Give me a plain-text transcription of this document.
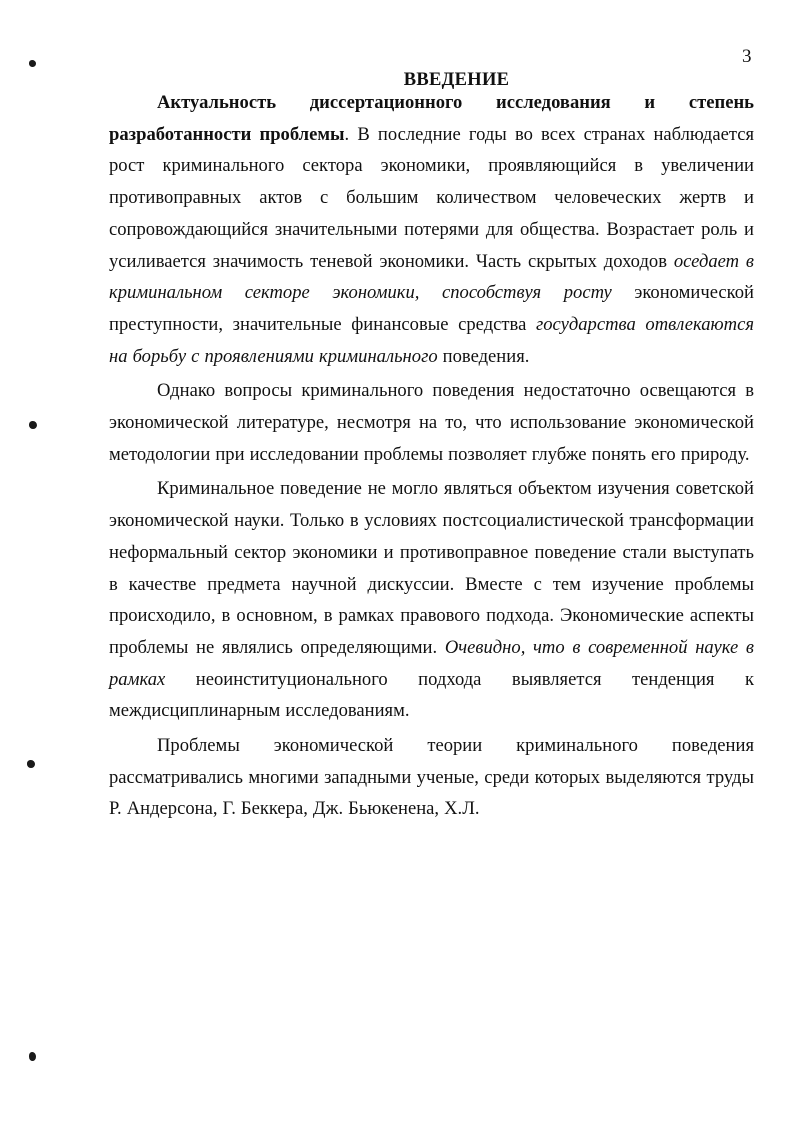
3
ВВЕДЕНИЕ

Актуальность диссертационного исследования и степень разработанности проблемы. В последние годы во всех странах наблюдается рост криминального сектора экономики, проявляющийся в увеличении противоправных актов с большим количеством человеческих жертв и сопровождающийся значительными потерями для общества. Возрастает роль и усиливается значимость теневой экономики. Часть скрытых доходов оседает в криминальном секторе экономики, способствуя росту экономической преступности, значительные финансовые средства государства отвлекаются на борьбу с проявлениями криминального поведения.

Однако вопросы криминального поведения недостаточно освещаются в экономической литературе, несмотря на то, что использование экономической методологии при исследовании проблемы позволяет глубже понять его природу.

Криминальное поведение не могло являться объектом изучения советской экономической науки. Только в условиях постсоциалистической трансформации неформальный сектор экономики и противоправное поведение стали выступать в качестве предмета научной дискуссии. Вместе с тем изучение проблемы происходило, в основном, в рамках правового подхода. Экономические аспекты проблемы не являлись определяющими. Очевидно, что в современной науке в рамках неоинституционального подхода выявляется тенденция к междисциплинарным исследованиям.

Проблемы экономической теории криминального поведения рассматривались многими западными ученые, среди которых выделяются труды Р. Андерсона, Г. Беккера, Дж. Бьюкенена, Х.Л.
